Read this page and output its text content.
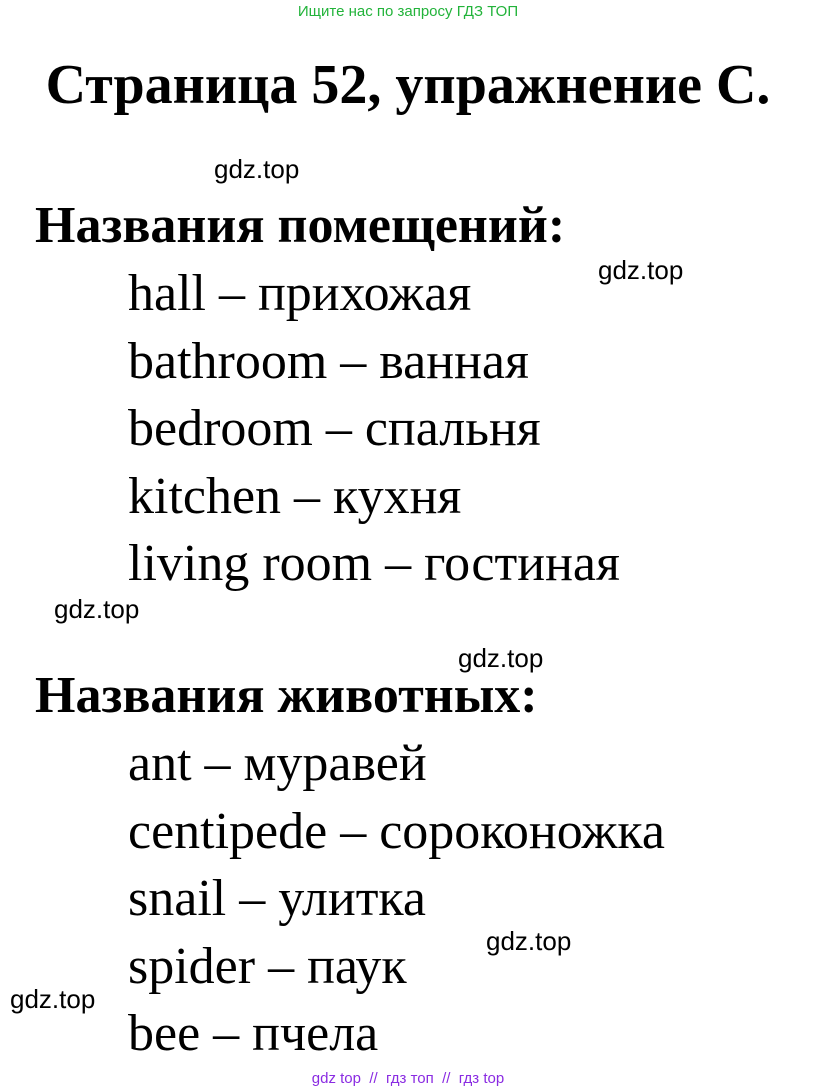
Ищите нас по запросу ГДЗ ТОП
Страница 52, упражнение C.
gdz.top
Названия помещений:
gdz.top
hall – прихожая
bathroom – ванная
bedroom – спальня
kitchen – кухня
living room – гостиная
gdz.top
gdz.top
Названия животных:
ant – муравей
centipede – сороконожка
snail – улитка
spider – паук
bee – пчела
gdz.top
gdz.top
gdz top  //  гдз топ  //  гдз top
